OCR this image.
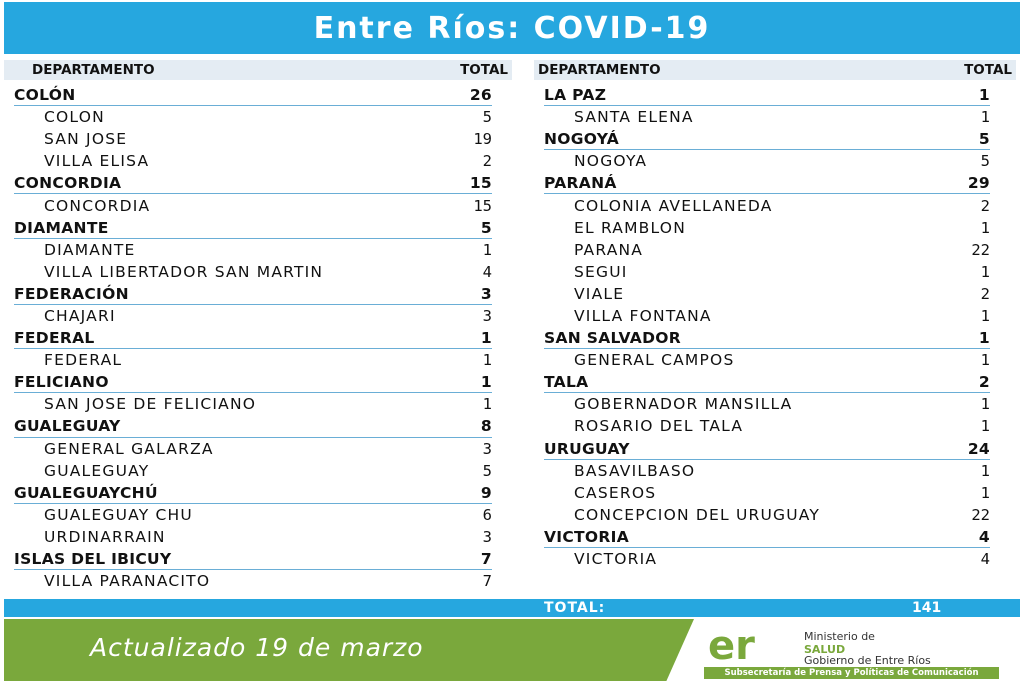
Entre Ríos: COVID-19
DEPARTAMENTO	TOTAL DEPARTAMENTO	TOTAL
COLÓN	26
COLON	5
SAN JOSE	19
VILLA ELISA	2
CONCORDIA	15
CONCORDIA	15
DIAMANTE	5
DIAMANTE	1
VILLA LIBERTADOR SAN MARTIN	4
FEDERACIÓN	3
CHAJARI	3
FEDERAL	1
FEDERAL	1
FELICIANO	1
SAN JOSE DE FELICIANO	1
GUALEGUAY	8
GENERAL GALARZA	3
GUALEGUAY	5
GUALEGUAYCHÚ	9
GUALEGUAY CHU	6
URDINARRAIN	3
ISLAS DEL IBICUY	7
VILLA PARANACITO	7
LA PAZ	1
SANTA ELENA	1
NOGOYÁ	5
NOGOYA	5
PARANÁ	29
COLONIA AVELLANEDA	2
EL RAMBLON	1
PARANA	22
SEGUI	1
VIALE	2
VILLA FONTANA	1
SAN SALVADOR	1
GENERAL CAMPOS	1
TALA	2
GOBERNADOR MANSILLA	1
ROSARIO DEL TALA	1
URUGUAY	24
BASAVILBASO	1
CASEROS	1
CONCEPCION DEL URUGUAY	22
VICTORIA	4
VICTORIA	4
TOTAL:	141
Actualizado 19 de marzo	er	Ministerio de
SALUD
Gobierno de Entre Ríos
Subsecretaría de Prensa y Políticas de Comunicación
